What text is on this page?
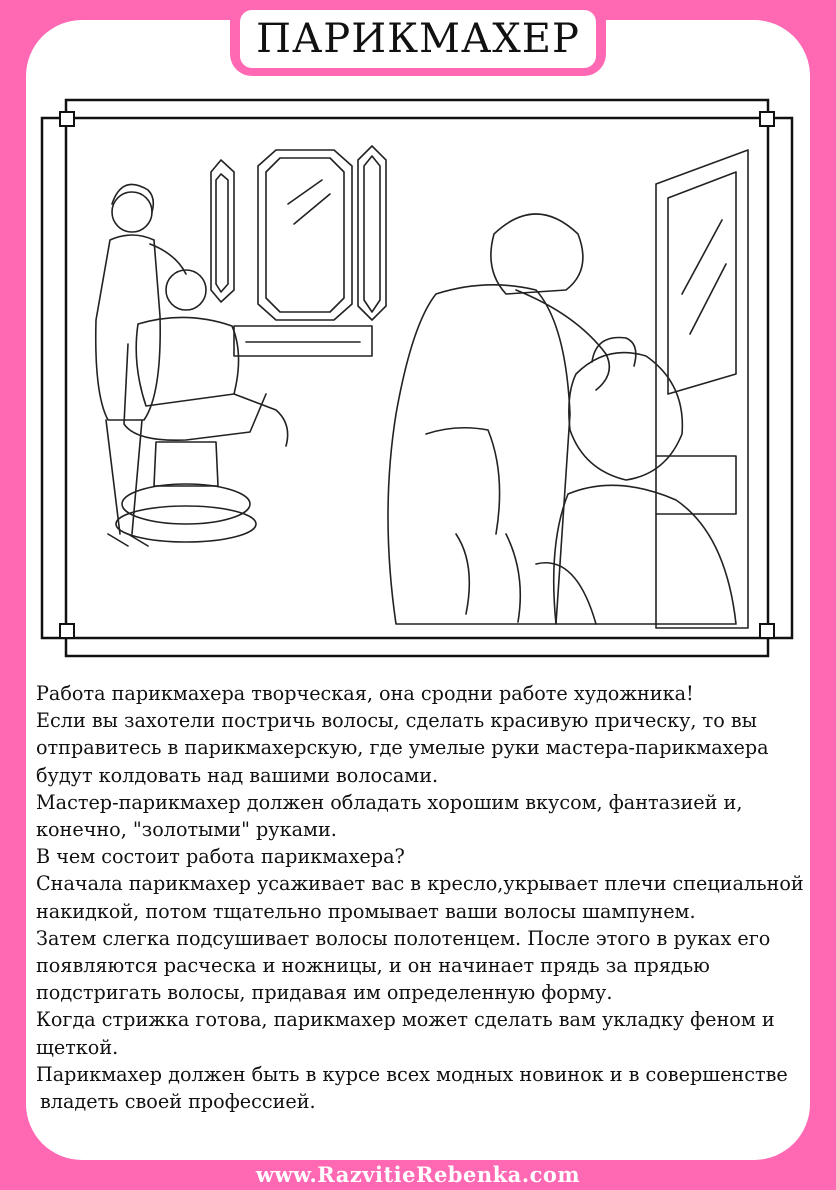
ПАРИКМАХЕР

Работа парикмахера творческая, она сродни работе художника!

Если вы захотели постричь волосы, сделать красивую прическу, то вы

отправитесь в парикмахерскую, где умелые руки мастера-парикмахера

будут колдовать над вашими волосами.

Мастер-парикмахер должен обладать хорошим вкусом, фантазией и,

конечно, "золотыми" руками.

В чем состоит работа парикмахера?

Сначала парикмахер усаживает вас в кресло,укрывает плечи специальной

накидкой, потом тщательно промывает ваши волосы шампунем.

Затем слегка подсушивает волосы полотенцем. После этого в руках его

появляются расческа и ножницы, и он начинает прядь за прядью

подстригать волосы, придавая им определенную форму.

Когда стрижка готова, парикмахер может сделать вам укладку феном и

щеткой.

Парикмахер должен быть в курсе всех модных новинок и в совершенстве

владеть своей профессией.

www.RazvitieRebenka.com
